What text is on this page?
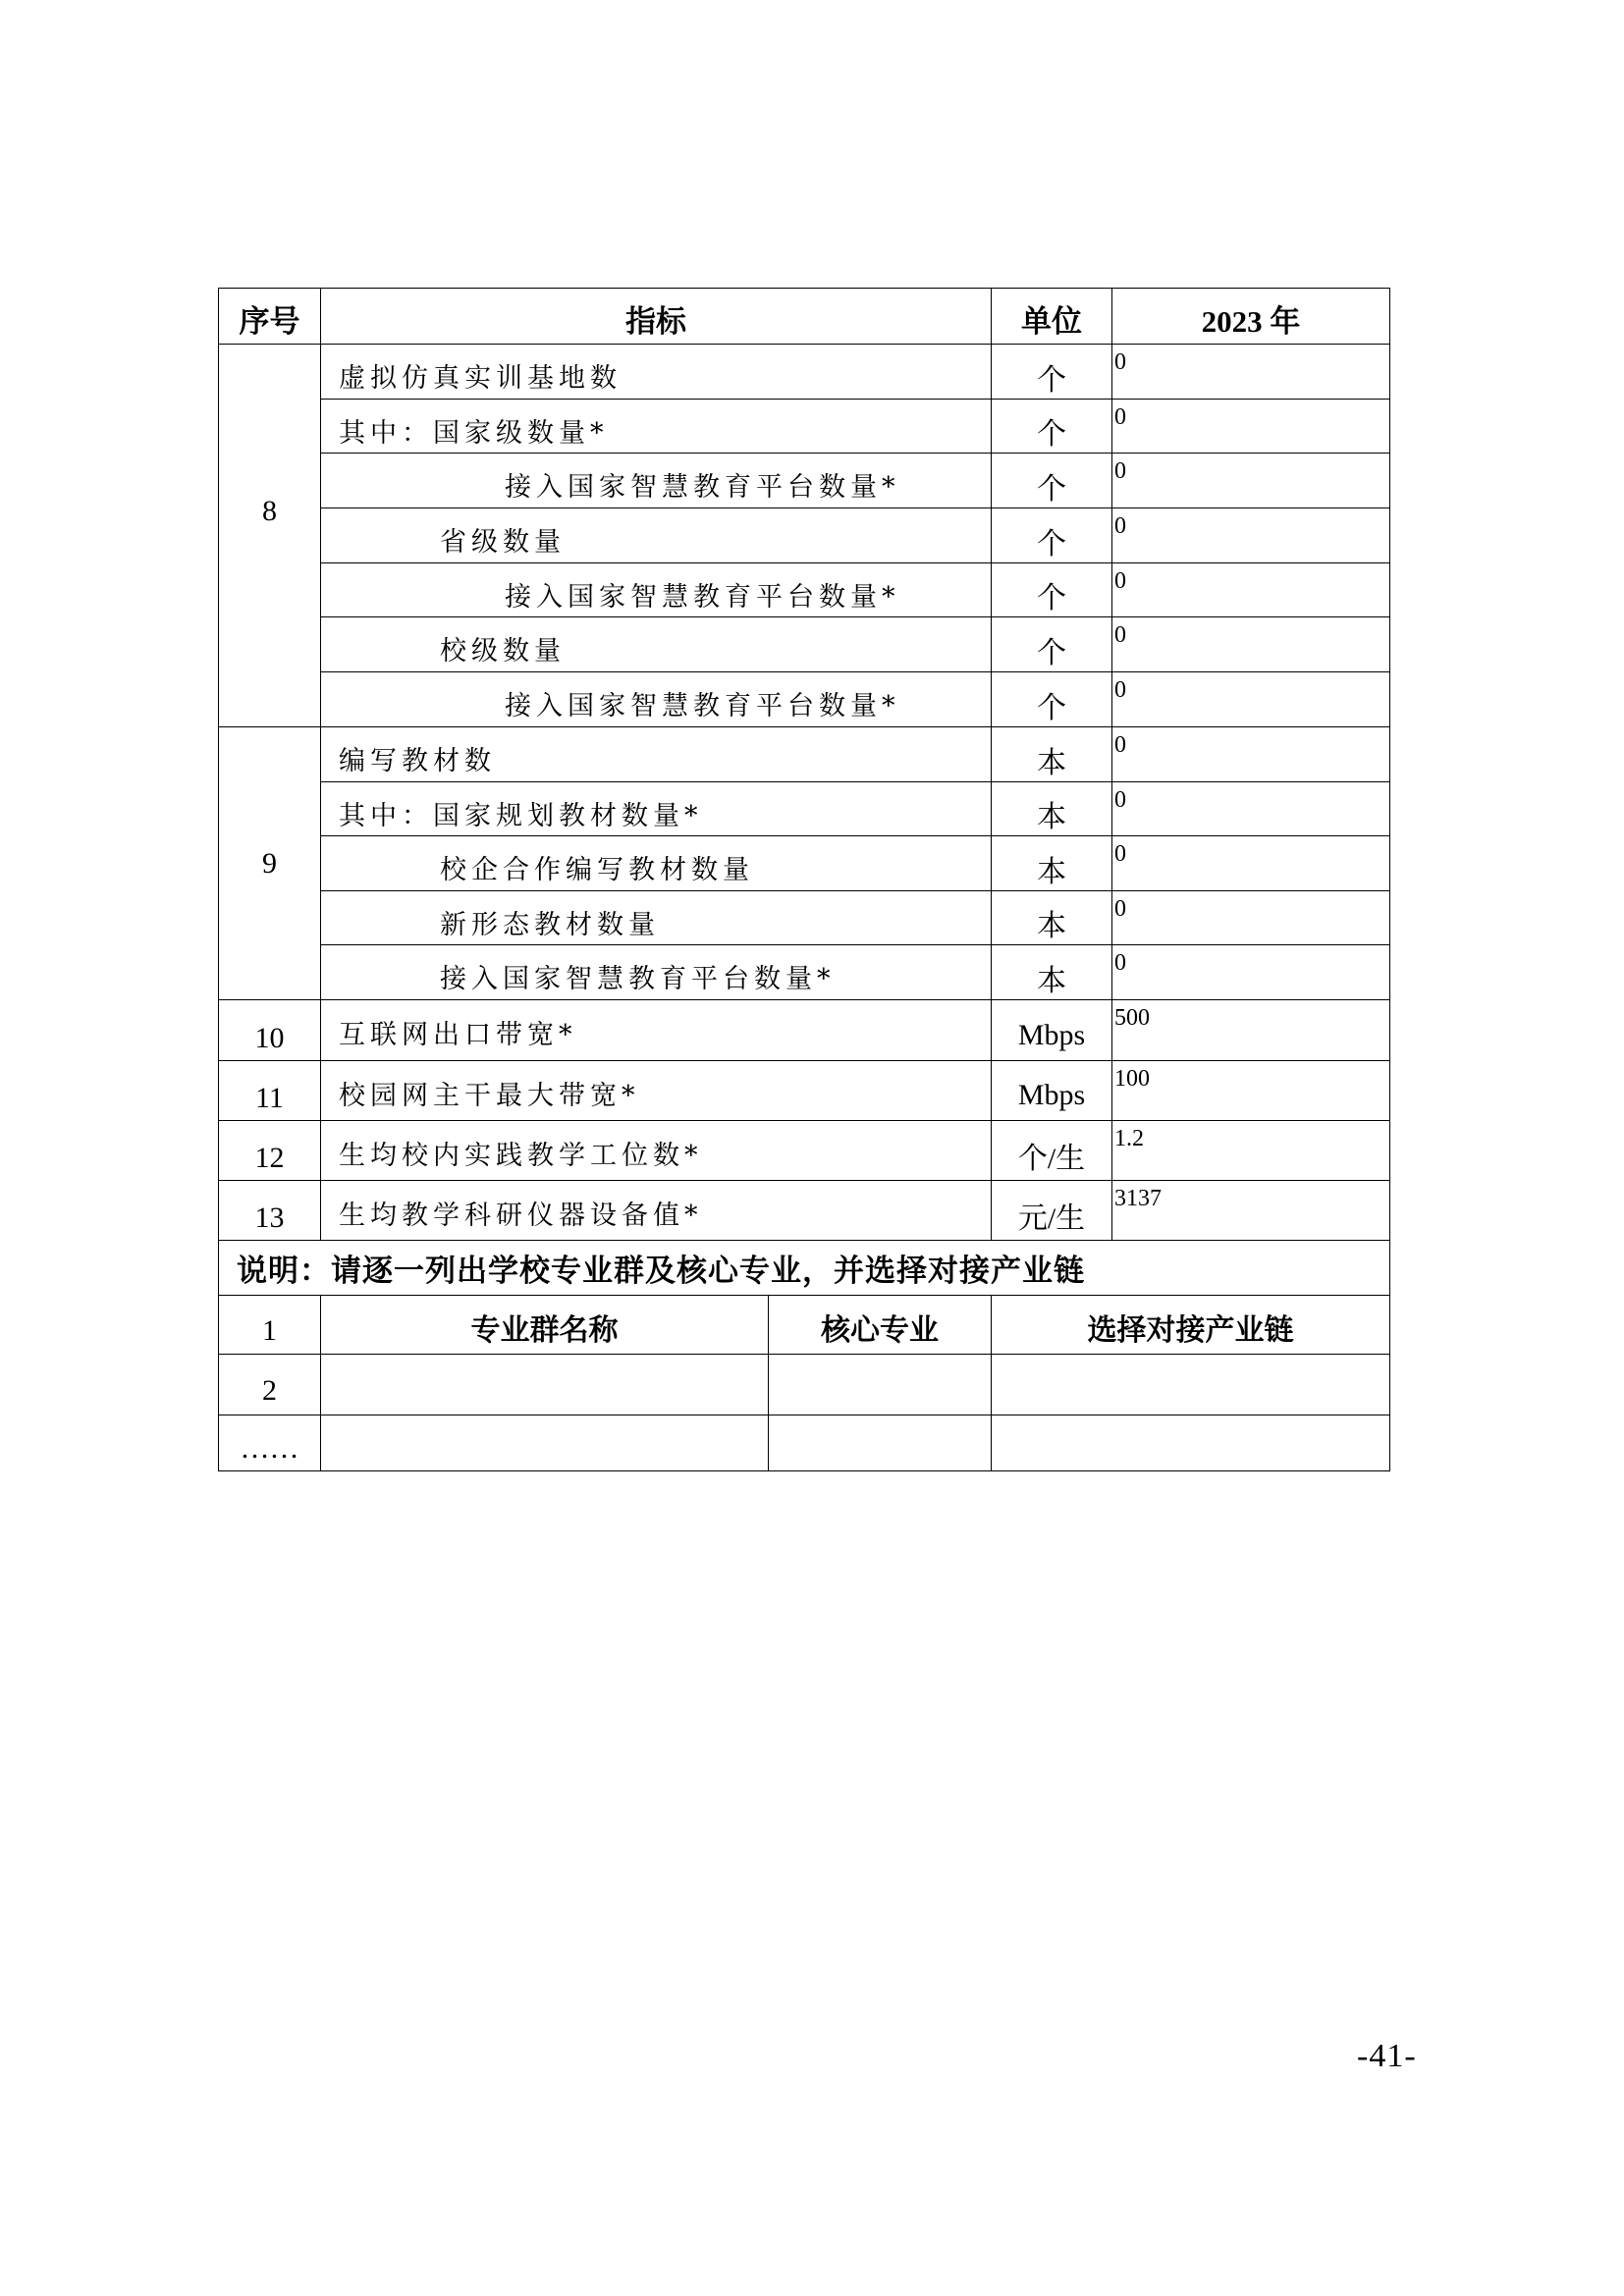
序号	指标		单位	2023 年
8	虚拟仿真实训基地数		个	0
	其中：国家级数量*		个	0
	接入国家智慧教育平台数量*		个	0
	省级数量		个	0
	接入国家智慧教育平台数量*		个	0
	校级数量		个	0
	接入国家智慧教育平台数量*		个	0
9	编写教材数		本	0
	其中：国家规划教材数量*		本	0
	校企合作编写教材数量		本	0
	新形态教材数量		本	0
	接入国家智慧教育平台数量*		本	0
10	互联网出口带宽*		Mbps	500
11	校园网主干最大带宽*		Mbps	100
12	生均校内实践教学工位数*		个/生	1.2
13	生均教学科研仪器设备值*		元/生	3137
说明：请逐一列出学校专业群及核心专业，并选择对接产业链				
1	专业群名称	核心专业	选择对接产业链	
2				
……				
-41-
